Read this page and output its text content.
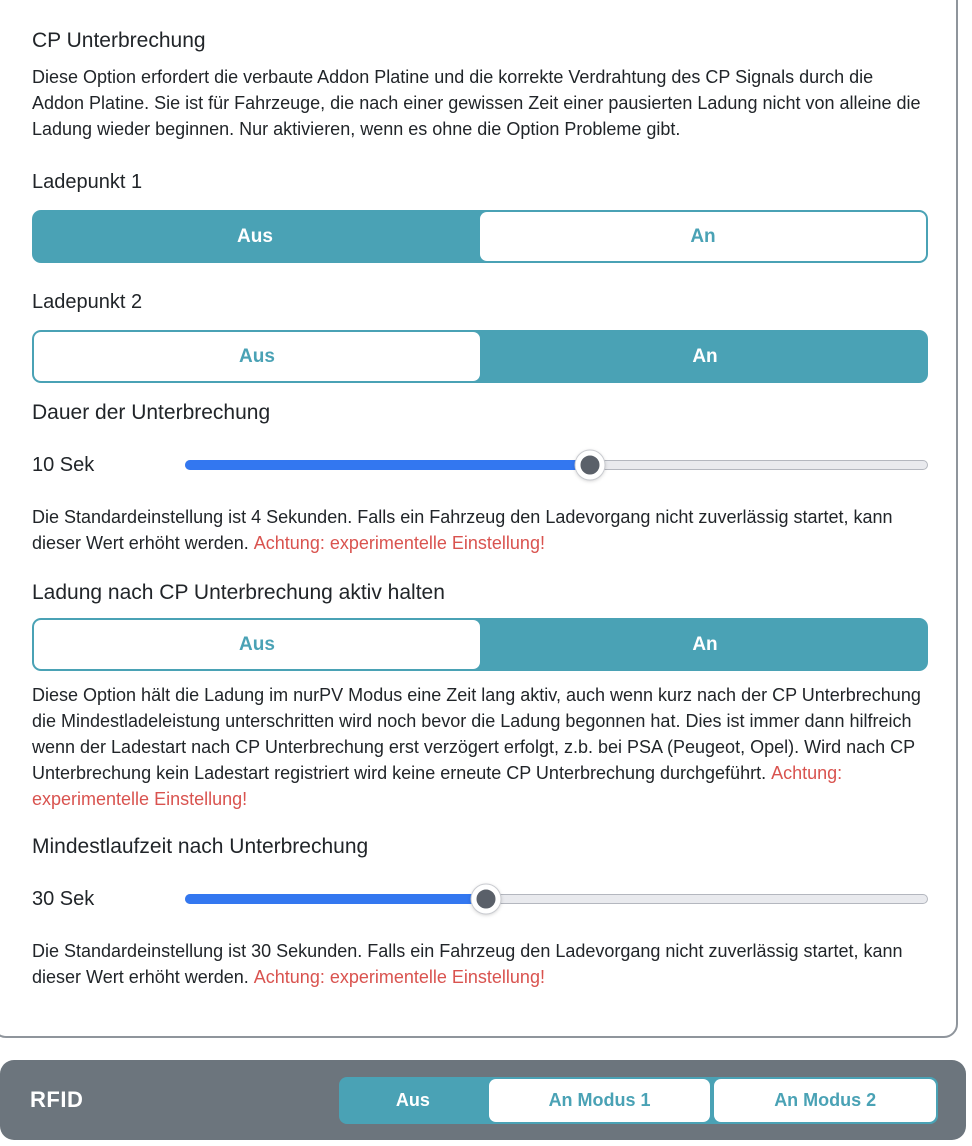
CP Unterbrechung

Diese Option erfordert die verbaute Addon Platine und die korrekte Verdrahtung des CP Signals durch die Addon Platine. Sie ist für Fahrzeuge, die nach einer gewissen Zeit einer pausierten Ladung nicht von alleine die Ladung wieder beginnen. Nur aktivieren, wenn es ohne die Option Probleme gibt.

Ladepunkt 1
Aus	An
Ladepunkt 2
Aus	An
Dauer der Unterbrechung
10 Sek

Die Standardeinstellung ist 4 Sekunden. Falls ein Fahrzeug den Ladevorgang nicht zuverlässig startet, kann dieser Wert erhöht werden. Achtung: experimentelle Einstellung!

Ladung nach CP Unterbrechung aktiv halten
Aus	An

Diese Option hält die Ladung im nurPV Modus eine Zeit lang aktiv, auch wenn kurz nach der CP Unterbrechung die Mindestladeleistung unterschritten wird noch bevor die Ladung begonnen hat. Dies ist immer dann hilfreich wenn der Ladestart nach CP Unterbrechung erst verzögert erfolgt, z.b. bei PSA (Peugeot, Opel). Wird nach CP Unterbrechung kein Ladestart registriert wird keine erneute CP Unterbrechung durchgeführt. Achtung: experimentelle Einstellung!

Mindestlaufzeit nach Unterbrechung
30 Sek

Die Standardeinstellung ist 30 Sekunden. Falls ein Fahrzeug den Ladevorgang nicht zuverlässig startet, kann dieser Wert erhöht werden. Achtung: experimentelle Einstellung!

RFID	Aus	An Modus 1	An Modus 2
